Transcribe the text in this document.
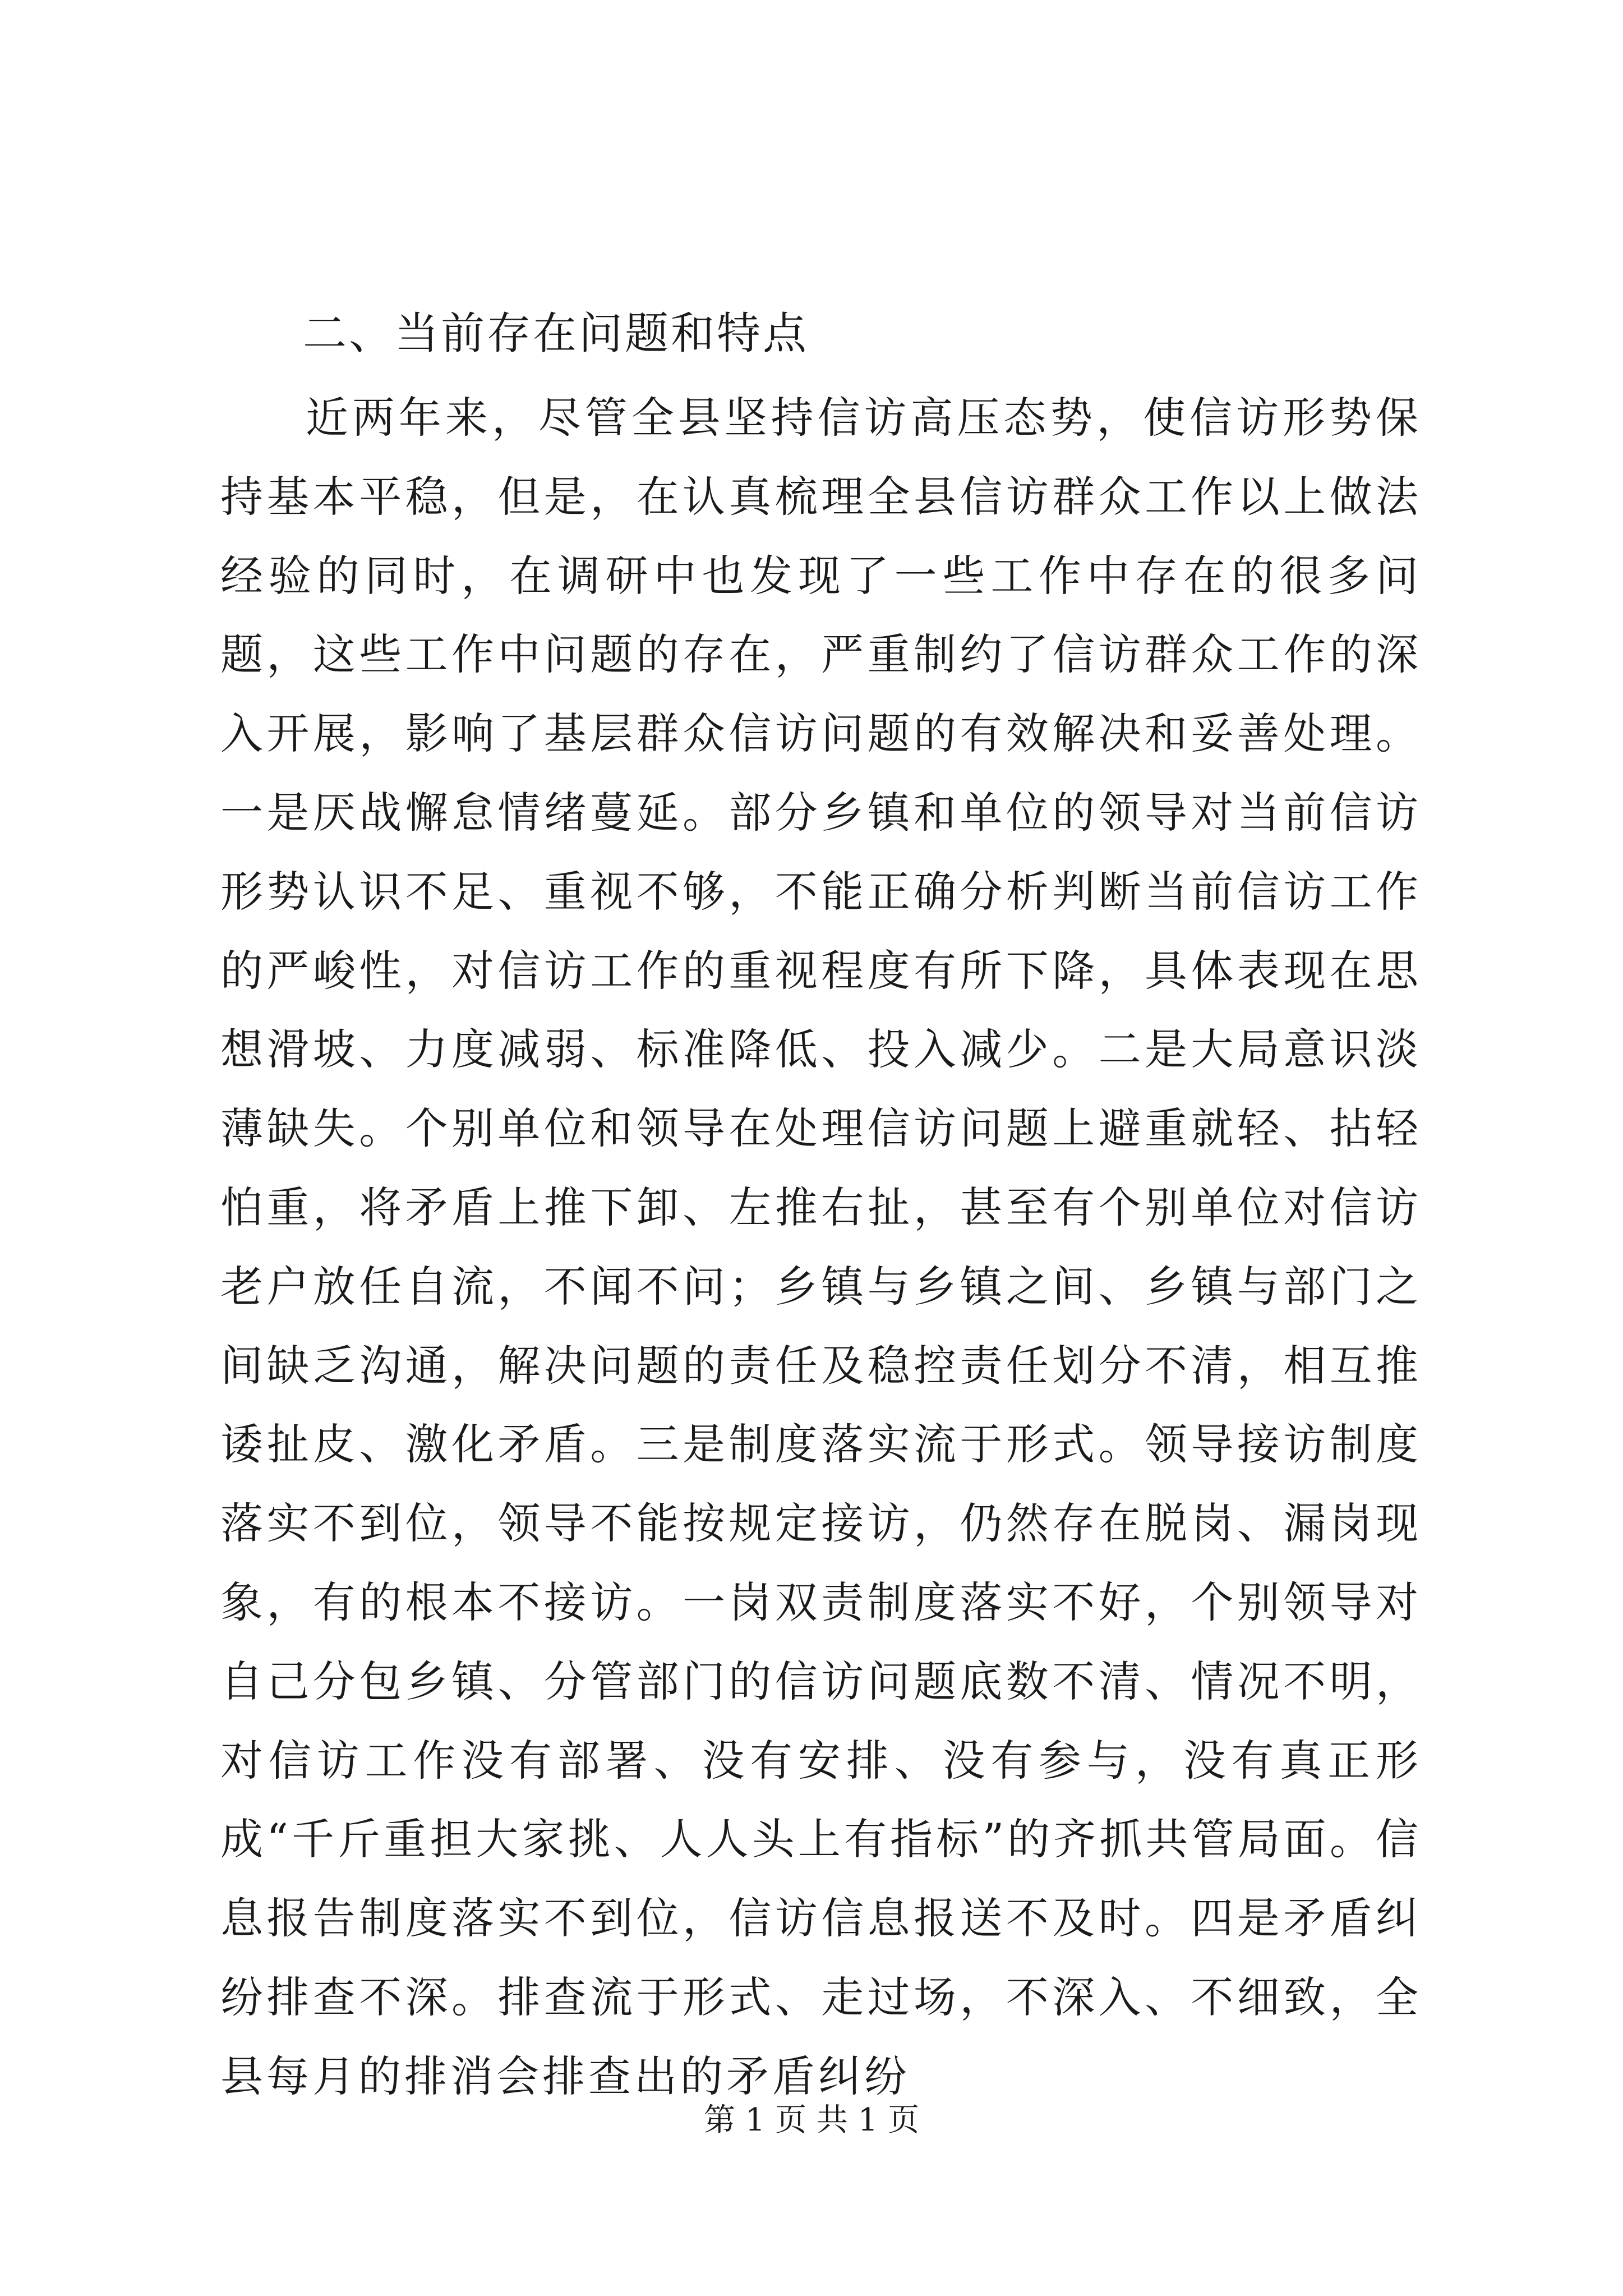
二、当前存在问题和特点

近两年来，尽管全县坚持信访高压态势，使信访形势保持基本平稳，但是，在认真梳理全县信访群众工作以上做法经验的同时，在调研中也发现了一些工作中存在的很多问题，这些工作中问题的存在，严重制约了信访群众工作的深入开展，影响了基层群众信访问题的有效解决和妥善处理。一是厌战懈怠情绪蔓延。部分乡镇和单位的领导对当前信访形势认识不足、重视不够，不能正确分析判断当前信访工作的严峻性，对信访工作的重视程度有所下降，具体表现在思想滑坡、力度减弱、标准降低、投入减少。二是大局意识淡薄缺失。个别单位和领导在处理信访问题上避重就轻、拈轻怕重，将矛盾上推下卸、左推右扯，甚至有个别单位对信访老户放任自流，不闻不问；乡镇与乡镇之间、乡镇与部门之间缺乏沟通，解决问题的责任及稳控责任划分不清，相互推诿扯皮、激化矛盾。三是制度落实流于形式。领导接访制度落实不到位，领导不能按规定接访，仍然存在脱岗、漏岗现象，有的根本不接访。一岗双责制度落实不好，个别领导对自己分包乡镇、分管部门的信访问题底数不清、情况不明，对信访工作没有部署、没有安排、没有参与，没有真正形成“千斤重担大家挑、人人头上有指标”的齐抓共管局面。信息报告制度落实不到位，信访信息报送不及时。四是矛盾纠纷排查不深。排查流于形式、走过场，不深入、不细致，全县每月的排消会排查出的矛盾纠纷

第 1 页 共 1 页
